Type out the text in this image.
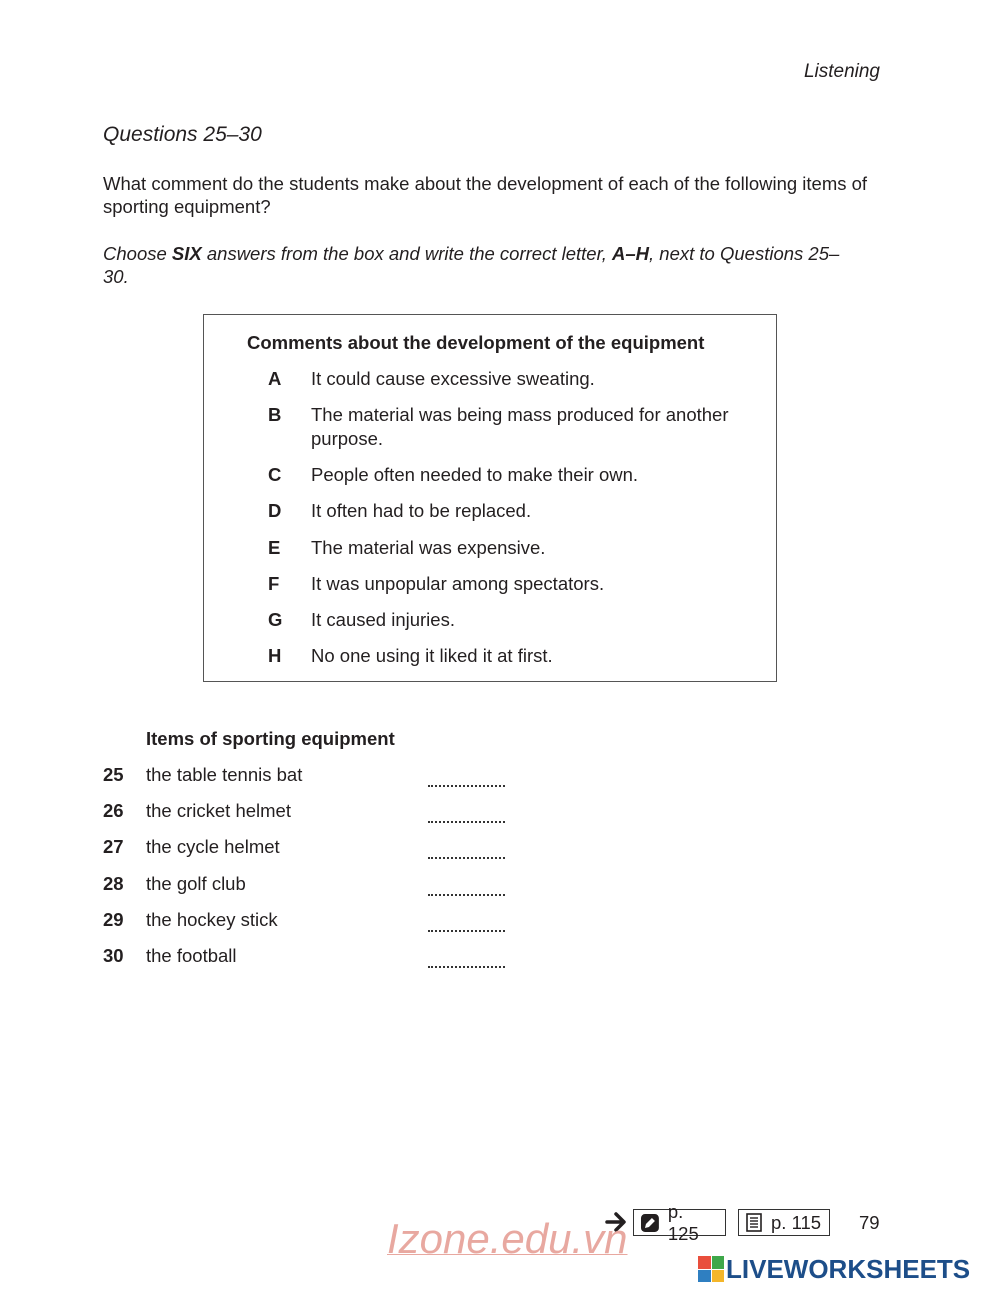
Listening
Questions 25–30
What comment do the students make about the development of each of the following items of sporting equipment?
Choose SIX answers from the box and write the correct letter, A–H, next to Questions 25–30.
Comments about the development of the equipment
A It could cause excessive sweating.
B The material was being mass produced for another purpose.
C People often needed to make their own.
D It often had to be replaced.
E The material was expensive.
F It was unpopular among spectators.
G It caused injuries.
H No one using it liked it at first.
Items of sporting equipment
25 the table tennis bat
26 the cricket helmet
27 the cycle helmet
28 the golf club
29 the hockey stick
30 the football
p. 125
p. 115 79
Izone.edu.vn
LIVEWORKSHEETS
